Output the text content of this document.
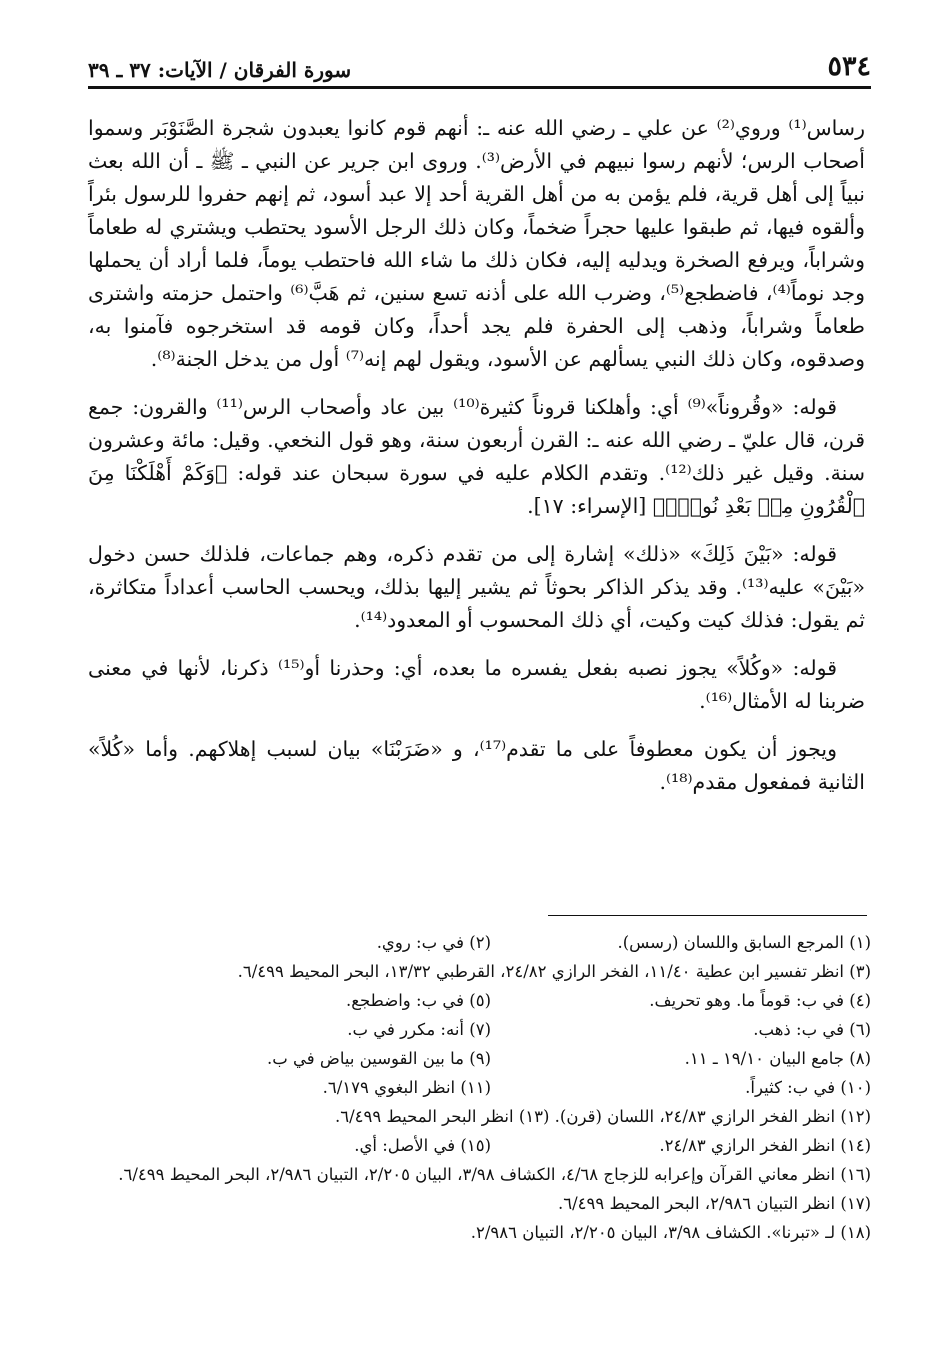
٥٣٤
سورة الفرقان / الآيات: ٣٧ ـ ٣٩

رساس⁽¹⁾ وروي⁽²⁾ عن علي ـ رضي الله عنه ـ: أنهم قوم كانوا يعبدون شجرة الصَّنَوْبَر وسموا أصحاب الرس؛ لأنهم رسوا نبيهم في الأرض⁽³⁾. وروى ابن جرير عن النبي ـ ﷺ ـ أن الله بعث نبياً إلى أهل قرية، فلم يؤمن به من أهل القرية أحد إلا عبد أسود، ثم إنهم حفروا للرسول بئراً وألقوه فيها، ثم طبقوا عليها حجراً ضخماً، وكان ذلك الرجل الأسود يحتطب ويشتري له طعاماً وشراباً، ويرفع الصخرة ويدليه إليه، فكان ذلك ما شاء الله فاحتطب يوماً، فلما أراد أن يحملها وجد نوماً⁽⁴⁾، فاضطجع⁽⁵⁾، وضرب الله على أذنه تسع سنين، ثم هَبَّ⁽⁶⁾ واحتمل حزمته واشترى طعاماً وشراباً، وذهب إلى الحفرة فلم يجد أحداً، وكان قومه قد استخرجوه فآمنوا به، وصدقوه، وكان ذلك النبي يسألهم عن الأسود، ويقول لهم إنه⁽⁷⁾ أول من يدخل الجنة⁽⁸⁾.

قوله: «وقُروناً»⁽⁹⁾ أي: وأهلكنا قروناً كثيرة⁽¹⁰⁾ بين عاد وأصحاب الرس⁽¹¹⁾ والقرون: جمع قرن، قال عليّ ـ رضي الله عنه ـ: القرن أربعون سنة، وهو قول النخعي. وقيل: مائة وعشرون سنة. وقيل غير ذلك⁽¹²⁾. وتقدم الكلام عليه في سورة سبحان عند قوله: ﴿وَكَمْ أَهْلَكْنَا مِنَ ٱلْقُرُونِ مِنۢ بَعْدِ نُوحٍۢ﴾ [الإسراء: ١٧].

قوله: «بَيْنَ ذَلِكَ» «ذلك» إشارة إلى من تقدم ذكره، وهم جماعات، فلذلك حسن دخول «بَيْنَ» عليه⁽¹³⁾. وقد يذكر الذاكر بحوثاً ثم يشير إليها بذلك، ويحسب الحاسب أعداداً متكاثرة، ثم يقول: فذلك كيت وكيت، أي ذلك المحسوب أو المعدود⁽¹⁴⁾.

قوله: «وكُلاً» يجوز نصبه بفعل يفسره ما بعده، أي: وحذرنا أو⁽¹⁵⁾ ذكرنا، لأنها في معنى ضربنا له الأمثال⁽¹⁶⁾.

ويجوز أن يكون معطوفاً على ما تقدم⁽¹⁷⁾، و «ضَرَبْنَا» بيان لسبب إهلاكهم. وأما «كُلاً» الثانية فمفعول مقدم⁽¹⁸⁾.

(١) المرجع السابق واللسان (رسس).
(٢) في ب: روي.
(٣) انظر تفسير ابن عطية ١١/٤٠، الفخر الرازي ٢٤/٨٢، القرطبي ١٣/٣٢، البحر المحيط ٦/٤٩٩.
(٤) في ب: قوماً ما. وهو تحريف.
(٥) في ب: واضطجع.
(٦) في ب: ذهب.
(٧) أنه: مكرر في ب.
(٨) جامع البيان ١٩/١٠ ـ ١١.
(٩) ما بين القوسين بياض في ب.
(١٠) في ب: كثيراً.
(١١) انظر البغوي ٦/١٧٩.
(١٢) انظر الفخر الرازي ٢٤/٨٣، اللسان (قرن). (١٣) انظر البحر المحيط ٦/٤٩٩.
(١٤) انظر الفخر الرازي ٢٤/٨٣.
(١٥) في الأصل: أي.
(١٦) انظر معاني القرآن وإعرابه للزجاج ٤/٦٨، الكشاف ٣/٩٨، البيان ٢/٢٠٥، التبيان ٢/٩٨٦، البحر المحيط ٦/٤٩٩.
(١٧) انظر التبيان ٢/٩٨٦، البحر المحيط ٦/٤٩٩.
(١٨) لـ «تبرنا». الكشاف ٣/٩٨، البيان ٢/٢٠٥، التبيان ٢/٩٨٦.
